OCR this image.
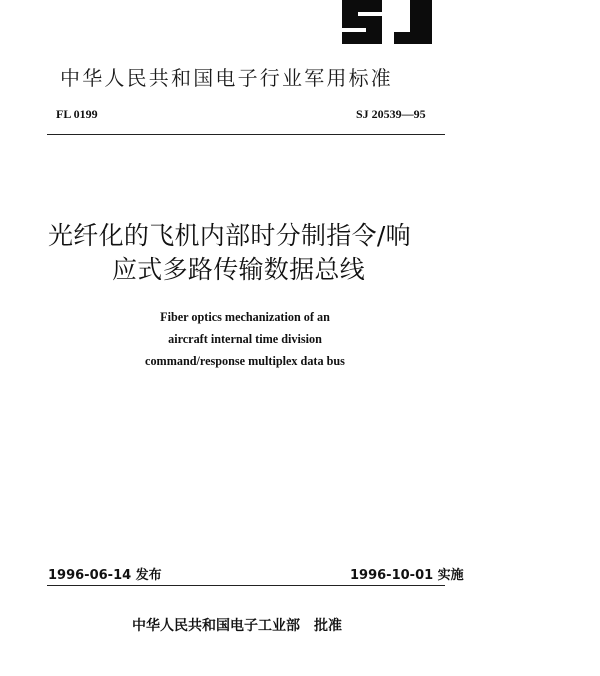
中华人民共和国电子行业军用标准
FL 0199	SJ 20539—95
光纤化的飞机内部时分制指令/响
应式多路传输数据总线
Fiber optics mechanization of an
aircraft internal time division
command/response multiplex data bus
1996-06-14 发布	1996-10-01 实施
中华人民共和国电子工业部 批准
